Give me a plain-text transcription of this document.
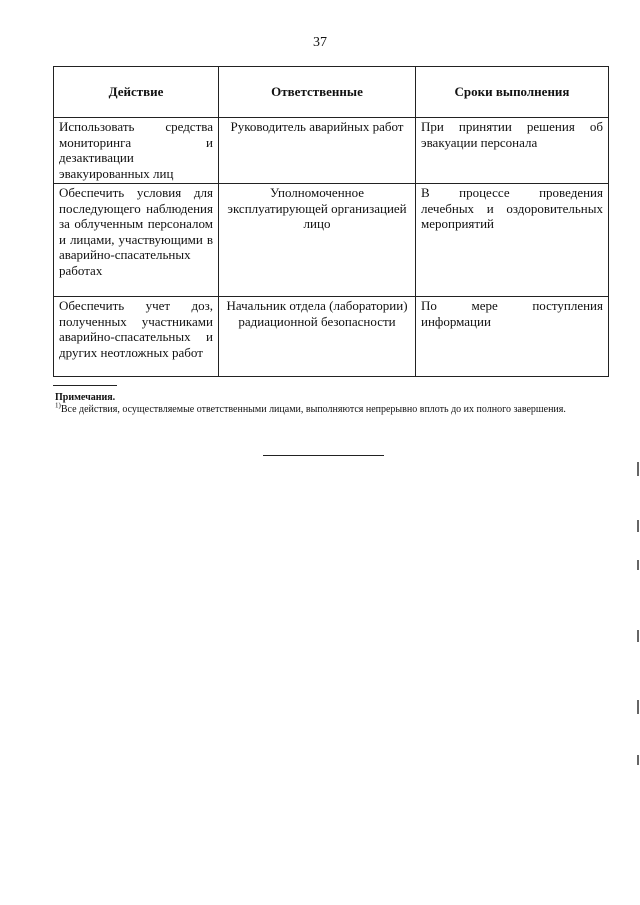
37
Действие	Ответственные	Сроки выполнения
Использовать средства мониторинга и дезактивации эвакуированных лиц	Руководитель аварийных работ	При принятии решения об эвакуации персонала
Обеспечить условия для последующего наблюдения за облученным персоналом и лицами, участвующими в аварийно-спасательных работах	Уполномоченное эксплуатирующей организацией лицо	В процессе проведения лечебных и оздоровительных мероприятий
Обеспечить учет доз, полученных участниками аварийно-спасательных и других неотложных работ	Начальник отдела (лаборатории) радиационной безопасности	По мере поступления информации
Примечания.
$^{1)}$Все действия, осуществляемые ответственными лицами, выполняются непрерывно вплоть до их полного завершения.
